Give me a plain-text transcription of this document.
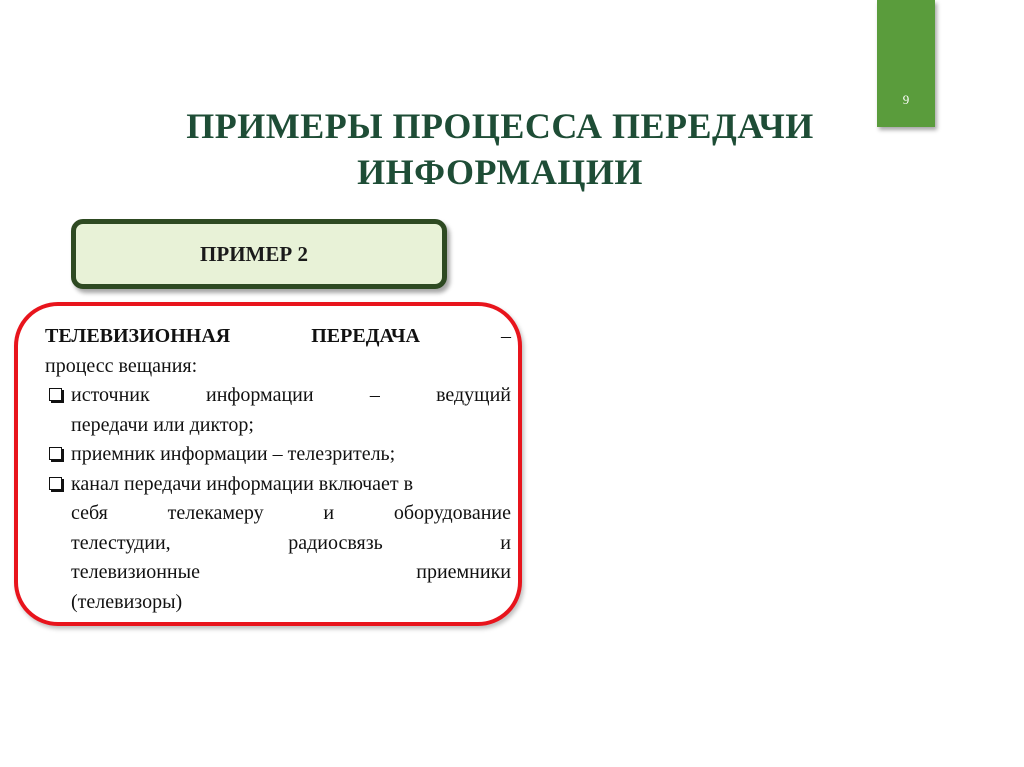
9
ПРИМЕРЫ ПРОЦЕССА ПЕРЕДАЧИ
ИНФОРМАЦИИ
ПРИМЕР 2
ТЕЛЕВИЗИОННАЯ	ПЕРЕДАЧА	–
процесс вещания:
источник	информации	–	ведущий
передачи или диктор;
приемник информации – телезритель;
канал передачи информации включает в
себя	телекамеру	и	оборудование
телестудии,	радиосвязь	и
телевизионные	приемники
(телевизоры)
